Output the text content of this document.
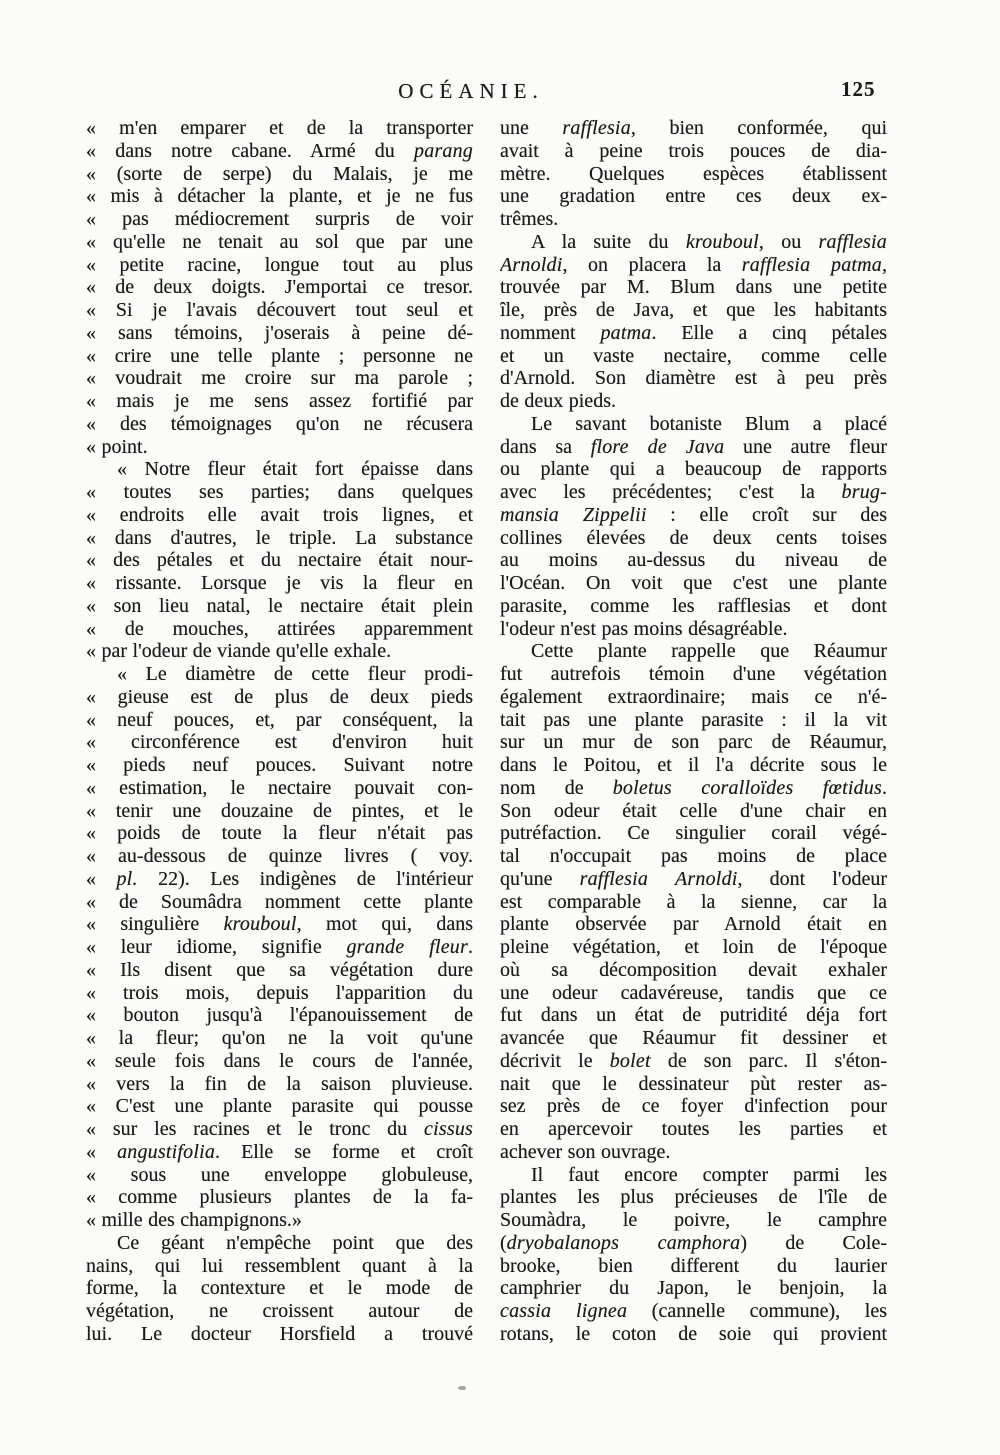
OCÉANIE.	125
« m'en emparer et de la transporter
« dans notre cabane. Armé du parang
« (sorte de serpe) du Malais, je me
« mis à détacher la plante, et je ne fus
« pas médiocrement surpris de voir
« qu'elle ne tenait au sol que par une
« petite racine, longue tout au plus
« de deux doigts. J'emportai ce tresor.
« Si je l'avais découvert tout seul et
« sans témoins, j'oserais à peine dé-
« crire une telle plante ; personne ne
« voudrait me croire sur ma parole ;
« mais je me sens assez fortifié par
« des témoignages qu'on ne récusera
« point.
« Notre fleur était fort épaisse dans
« toutes ses parties; dans quelques
« endroits elle avait trois lignes, et
« dans d'autres, le triple. La substance
« des pétales et du nectaire était nour-
« rissante. Lorsque je vis la fleur en
« son lieu natal, le nectaire était plein
« de mouches, attirées apparemment
« par l'odeur de viande qu'elle exhale.
« Le diamètre de cette fleur prodi-
« gieuse est de plus de deux pieds
« neuf pouces, et, par conséquent, la
« circonférence est d'environ huit
« pieds neuf pouces. Suivant notre
« estimation, le nectaire pouvait con-
« tenir une douzaine de pintes, et le
« poids de toute la fleur n'était pas
« au-dessous de quinze livres ( voy.
« pl. 22). Les indigènes de l'intérieur
« de Soumâdra nomment cette plante
« singulière krouboul, mot qui, dans
« leur idiome, signifie grande fleur.
« Ils disent que sa végétation dure
« trois mois, depuis l'apparition du
« bouton jusqu'à l'épanouissement de
« la fleur; qu'on ne la voit qu'une
« seule fois dans le cours de l'année,
« vers la fin de la saison pluvieuse.
« C'est une plante parasite qui pousse
« sur les racines et le tronc du cissus
« angustifolia. Elle se forme et croît
« sous une enveloppe globuleuse,
« comme plusieurs plantes de la fa-
« mille des champignons.»
Ce géant n'empêche point que des
nains, qui lui ressemblent quant à la
forme, la contexture et le mode de
végétation, ne croissent autour de
lui. Le docteur Horsfield a trouvé
une rafflesia, bien conformée, qui
avait à peine trois pouces de dia-
mètre. Quelques espèces établissent
une gradation entre ces deux ex-
trêmes.
A la suite du krouboul, ou rafflesia
Arnoldi, on placera la rafflesia patma,
trouvée par M. Blum dans une petite
île, près de Java, et que les habitants
nomment patma. Elle a cinq pétales
et un vaste nectaire, comme celle
d'Arnold. Son diamètre est à peu près
de deux pieds.
Le savant botaniste Blum a placé
dans sa flore de Java une autre fleur
ou plante qui a beaucoup de rapports
avec les précédentes; c'est la brug-
mansia Zippelii : elle croît sur des
collines élevées de deux cents toises
au moins au-dessus du niveau de
l'Océan. On voit que c'est une plante
parasite, comme les rafflesias et dont
l'odeur n'est pas moins désagréable.
Cette plante rappelle que Réaumur
fut autrefois témoin d'une végétation
également extraordinaire; mais ce n'é-
tait pas une plante parasite : il la vit
sur un mur de son parc de Réaumur,
dans le Poitou, et il l'a décrite sous le
nom de boletus coralloïdes fœtidus.
Son odeur était celle d'une chair en
putréfaction. Ce singulier corail végé-
tal n'occupait pas moins de place
qu'une rafflesia Arnoldi, dont l'odeur
est comparable à la sienne, car la
plante observée par Arnold était en
pleine végétation, et loin de l'époque
où sa décomposition devait exhaler
une odeur cadavéreuse, tandis que ce
fut dans un état de putridité déja fort
avancée que Réaumur fit dessiner et
décrivit le bolet de son parc. Il s'éton-
nait que le dessinateur pùt rester as-
sez près de ce foyer d'infection pour
en apercevoir toutes les parties et
achever son ouvrage.
Il faut encore compter parmi les
plantes les plus précieuses de l'île de
Soumàdra, le poivre, le camphre
(dryobalanops camphora) de Cole-
brooke, bien different du laurier
camphrier du Japon, le benjoin, la
cassia lignea (cannelle commune), les
rotans, le coton de soie qui provient
